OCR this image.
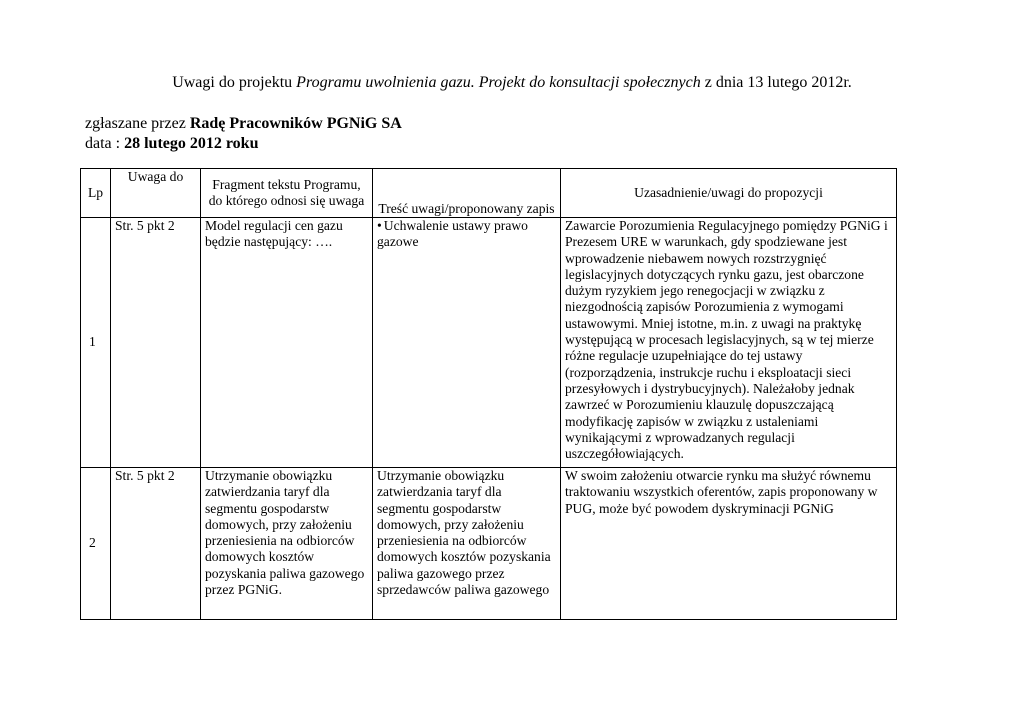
Uwagi do projektu Programu uwolnienia gazu. Projekt do konsultacji społecznych z dnia 13 lutego 2012r.
zgłaszane przez Radę Pracowników PGNiG SA
data : 28 lutego 2012 roku
Lp	Uwaga do	Fragment tekstu Programu, do którego odnosi się uwaga	Treść uwagi/proponowany zapis	Uzasadnienie/uwagi do propozycji
1	Str. 5 pkt 2	Model regulacji cen gazu będzie następujący: ….	• Uchwalenie ustawy prawo gazowe	Zawarcie Porozumienia Regulacyjnego pomiędzy PGNiG i Prezesem URE w warunkach, gdy spodziewane jest wprowadzenie niebawem nowych rozstrzygnięć legislacyjnych dotyczących rynku gazu, jest obarczone dużym ryzykiem jego renegocjacji w związku z niezgodnością zapisów Porozumienia z wymogami ustawowymi. Mniej istotne, m.in. z uwagi na praktykę występującą w procesach legislacyjnych, są w tej mierze różne regulacje uzupełniające do tej ustawy (rozporządzenia, instrukcje ruchu i eksploatacji sieci przesyłowych i dystrybucyjnych). Należałoby jednak zawrzeć w Porozumieniu klauzulę dopuszczającą modyfikację zapisów w związku z ustaleniami wynikającymi z wprowadzanych regulacji uszczegółowiających.
2	Str. 5 pkt 2	Utrzymanie obowiązku zatwierdzania taryf dla segmentu gospodarstw domowych, przy założeniu przeniesienia na odbiorców domowych kosztów pozyskania paliwa gazowego przez PGNiG.	Utrzymanie obowiązku zatwierdzania taryf dla segmentu gospodarstw domowych, przy założeniu przeniesienia na odbiorców domowych kosztów pozyskania paliwa gazowego przez sprzedawców paliwa gazowego	W swoim założeniu otwarcie rynku ma służyć równemu traktowaniu wszystkich oferentów, zapis proponowany w PUG, może być powodem dyskryminacji PGNiG
